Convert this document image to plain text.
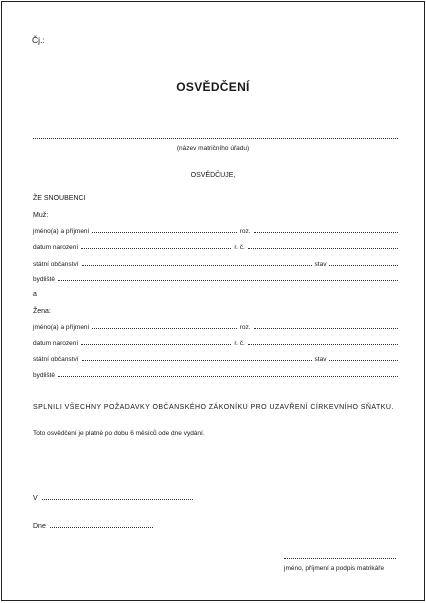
Čj.:
OSVĚDČENÍ
(název matričního úřadu)
OSVĚDČUJE,
ŽE SNOUBENCI
Muž:
jméno(a) a příjmení	roz.
datum narození	r. č.
státní občanství	stav
bydliště
a
Žena:
jméno(a) a příjmení	roz.
datum narození	r. č.
státní občanství	stav
bydliště
SPLNILI VŠECHNY POŽADAVKY OBČANSKÉHO ZÁKONÍKU PRO UZAVŘENÍ CÍRKEVNÍHO SŇATKU.
Toto osvědčení je platné po dobu 6 měsíců ode dne vydání.
V
Dne
jméno, příjmení a podpis matrikáře
